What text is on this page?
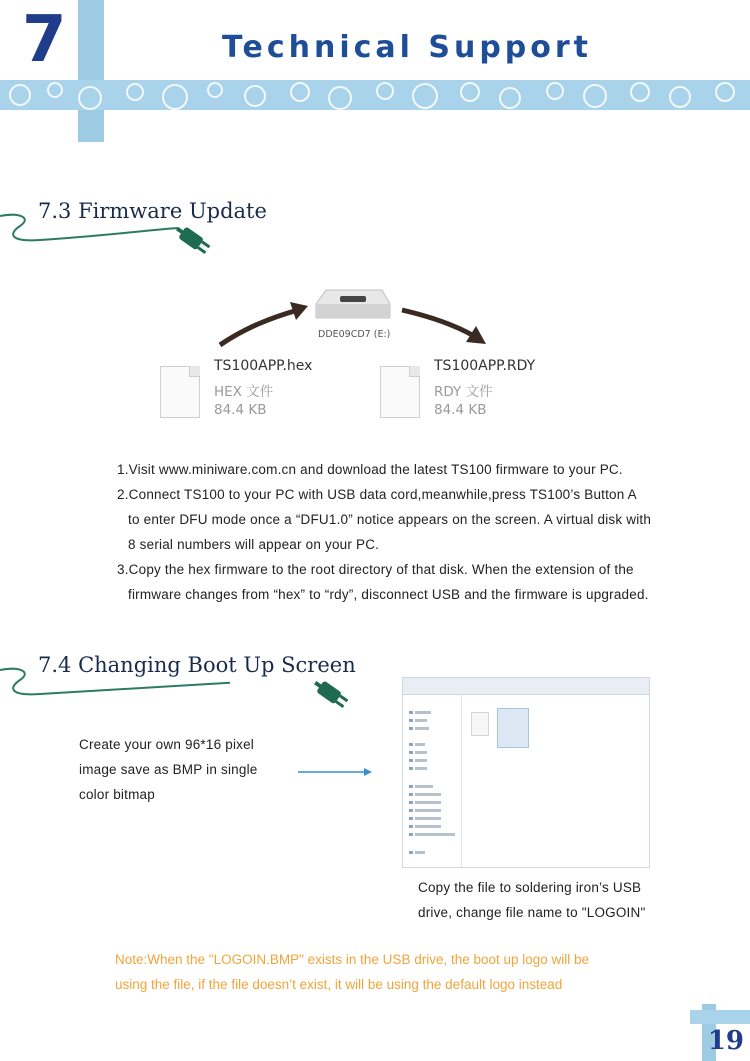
7	Technical Support
7.3 Firmware Update
DDE09CD7 (E:)
TS100APP.hex
HEX 文件
84.4 KB
TS100APP.RDY
RDY 文件
84.4 KB
1.Visit www.miniware.com.cn and download the latest TS100 firmware to your PC.
2.Connect TS100 to your PC with USB data cord,meanwhile,press TS100’s Button A
to enter DFU mode once a “DFU1.0” notice appears on the screen. A virtual disk with
8 serial numbers will appear on your PC.
3.Copy the hex firmware to the root directory of that disk. When the extension of the
firmware changes from “hex” to “rdy”, disconnect USB and the firmware is upgraded.
7.4 Changing Boot Up Screen
Create your own 96*16 pixel
image save as BMP in single
color bitmap
Copy the file to soldering iron’s USB
drive, change file name to "LOGOIN"
Note:When the "LOGOIN.BMP" exists in the USB drive, the boot up logo will be
using the file, if the file doesn’t exist, it will be using the default logo instead
19
